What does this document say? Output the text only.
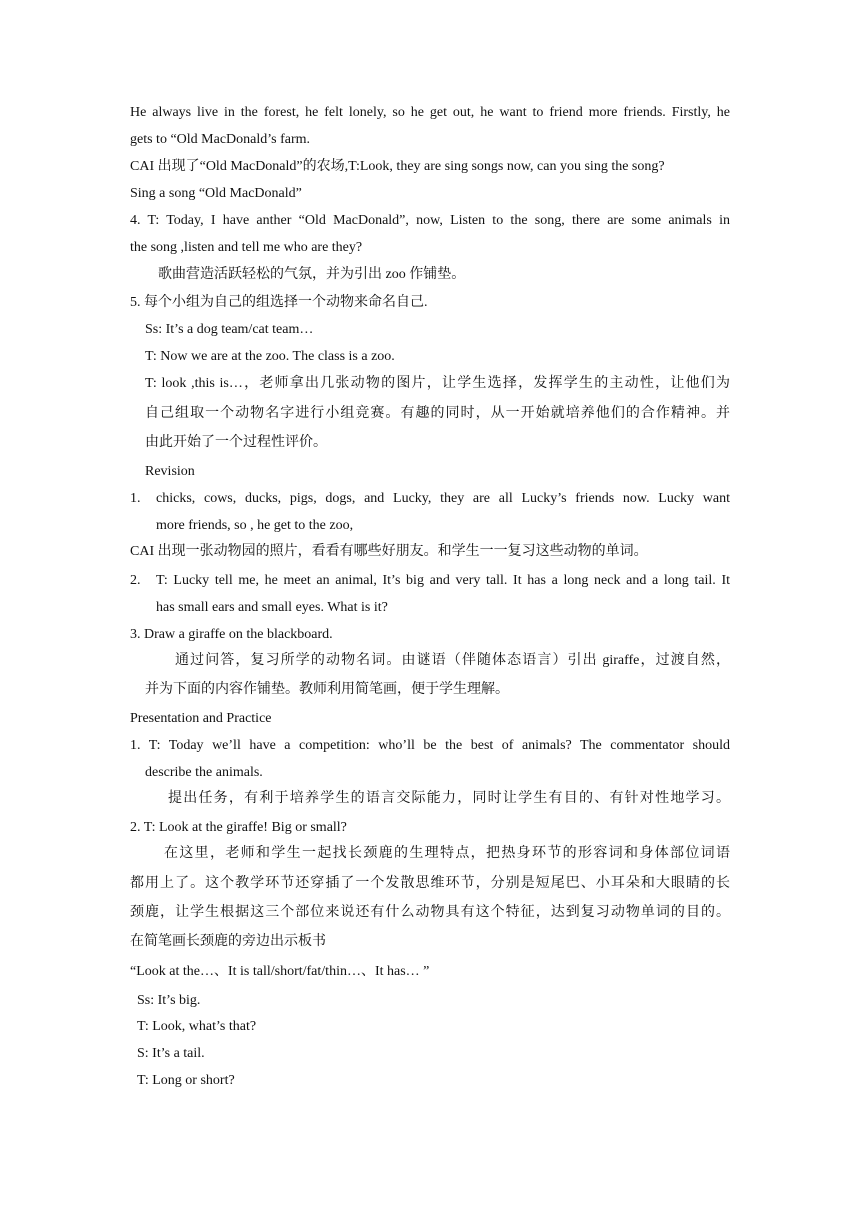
He always live in the forest, he felt lonely, so he get out, he want to friend more friends. Firstly, he
gets to “Old MacDonald’s farm.
CAI 出现了“Old MacDonald”的农场,T:Look, they are sing songs now, can you sing the song?
Sing a song “Old MacDonald”
4. T: Today, I have anther “Old MacDonald”, now, Listen to the song, there are some animals in
the song ,listen and tell me who are they?
歌曲营造活跃轻松的气氛，并为引出 zoo 作铺垫。
5. 每个小组为自己的组选择一个动物来命名自己.
Ss: It’s a dog team/cat team…
T: Now we are at the zoo. The class is a zoo.
T: look ,this is…，老师拿出几张动物的图片，让学生选择，发挥学生的主动性，让他们为
自己组取一个动物名字进行小组竞赛。有趣的同时，从一开始就培养他们的合作精神。并
由此开始了一个过程性评价。
Revision
1. chicks, cows, ducks, pigs, dogs, and Lucky, they are all Lucky’s friends now. Lucky want
more friends, so , he get to the zoo,
CAI 出现一张动物园的照片，看看有哪些好朋友。和学生一一复习这些动物的单词。
2. T: Lucky tell me, he meet an animal, It’s big and very tall. It has a long neck and a long tail. It
has small ears and small eyes. What is it?
3. Draw a giraffe on the blackboard.
通过问答，复习所学的动物名词。由谜语（伴随体态语言）引出 giraffe，过渡自然，
并为下面的内容作铺垫。教师利用简笔画，便于学生理解。
Presentation and Practice
1. T: Today we’ll have a competition: who’ll be the best of animals? The commentator should
describe the animals.
提出任务，有利于培养学生的语言交际能力，同时让学生有目的、有针对性地学习。
2. T: Look at the giraffe! Big or small?
在这里，老师和学生一起找长颈鹿的生理特点，把热身环节的形容词和身体部位词语
都用上了。这个教学环节还穿插了一个发散思维环节，分别是短尾巴、小耳朵和大眼睛的长
颈鹿，让学生根据这三个部位来说还有什么动物具有这个特征，达到复习动物单词的目的。
在简笔画长颈鹿的旁边出示板书
“Look at the…、It is tall/short/fat/thin…、It has… ”
Ss: It’s big.
T: Look, what’s that?
S: It’s a tail.
T: Long or short?
